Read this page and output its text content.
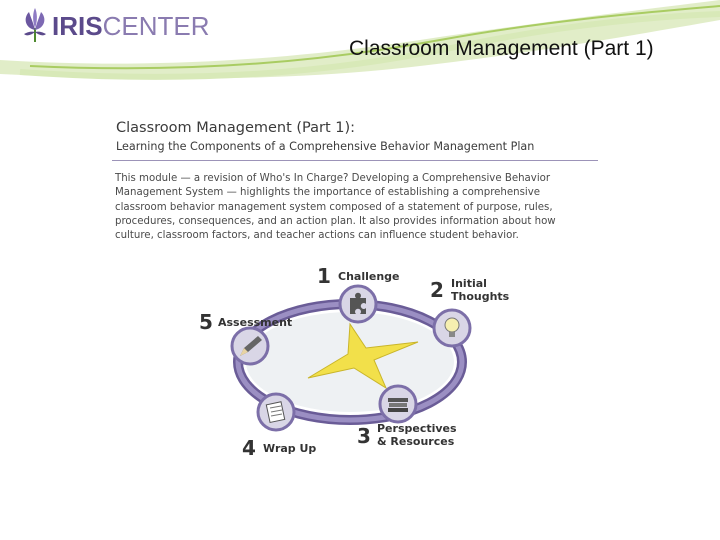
IRIS CENTER
Classroom Management (Part 1)
Classroom Management (Part 1):
Learning the Components of a Comprehensive Behavior Management Plan
This module — a revision of Who's In Charge? Developing a Comprehensive Behavior Management System — highlights the importance of establishing a comprehensive classroom behavior management system composed of a statement of purpose, rules, procedures, consequences, and an action plan. It also provides information about how culture, classroom factors, and teacher actions can influence student behavior.
1 Challenge
2 Initial Thoughts
3 Perspectives & Resources
4 Wrap Up
5 Assessment
